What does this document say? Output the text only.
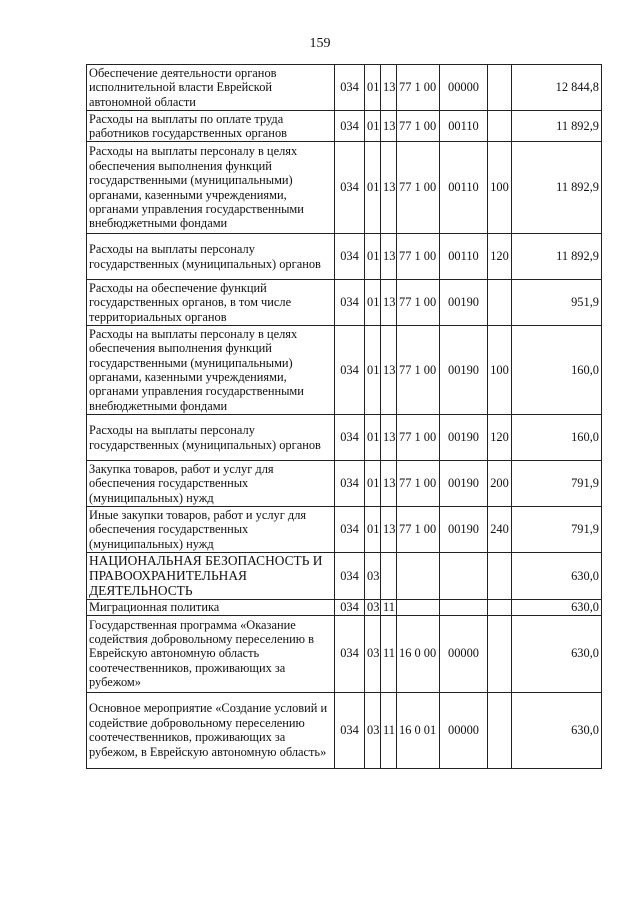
159
Обеспечение деятельности органов исполнительной власти Еврейской автономной области	034	01	13	77 1 00	00000		12 844,8
Расходы на выплаты по оплате труда работников государственных органов	034	01	13	77 1 00	00110		11 892,9
Расходы на выплаты персоналу в целях обеспечения выполнения функций государственными (муниципальными) органами, казенными учреждениями, органами управления государственными внебюджетными фондами	034	01	13	77 1 00	00110	100	11 892,9
Расходы на выплаты персоналу государственных (муниципальных) органов	034	01	13	77 1 00	00110	120	11 892,9
Расходы на обеспечение функций государственных органов, в том числе территориальных органов	034	01	13	77 1 00	00190		951,9
Расходы на выплаты персоналу в целях обеспечения выполнения функций государственными (муниципальными) органами, казенными учреждениями, органами управления государственными внебюджетными фондами	034	01	13	77 1 00	00190	100	160,0
Расходы на выплаты персоналу государственных (муниципальных) органов	034	01	13	77 1 00	00190	120	160,0
Закупка товаров, работ и услуг для обеспечения государственных (муниципальных) нужд	034	01	13	77 1 00	00190	200	791,9
Иные закупки товаров, работ и услуг для обеспечения государственных (муниципальных) нужд	034	01	13	77 1 00	00190	240	791,9
НАЦИОНАЛЬНАЯ БЕЗОПАСНОСТЬ И ПРАВООХРАНИТЕЛЬНАЯ ДЕЯТЕЛЬНОСТЬ	034	03					630,0
Миграционная политика	034	03	11				630,0
Государственная программа «Оказание содействия добровольному переселению в Еврейскую автономную область соотечественников, проживающих за рубежом»	034	03	11	16 0 00	00000		630,0
Основное мероприятие «Создание условий и содействие добровольному переселению соотечественников, проживающих за рубежом, в Еврейскую автономную область»	034	03	11	16 0 01	00000		630,0
